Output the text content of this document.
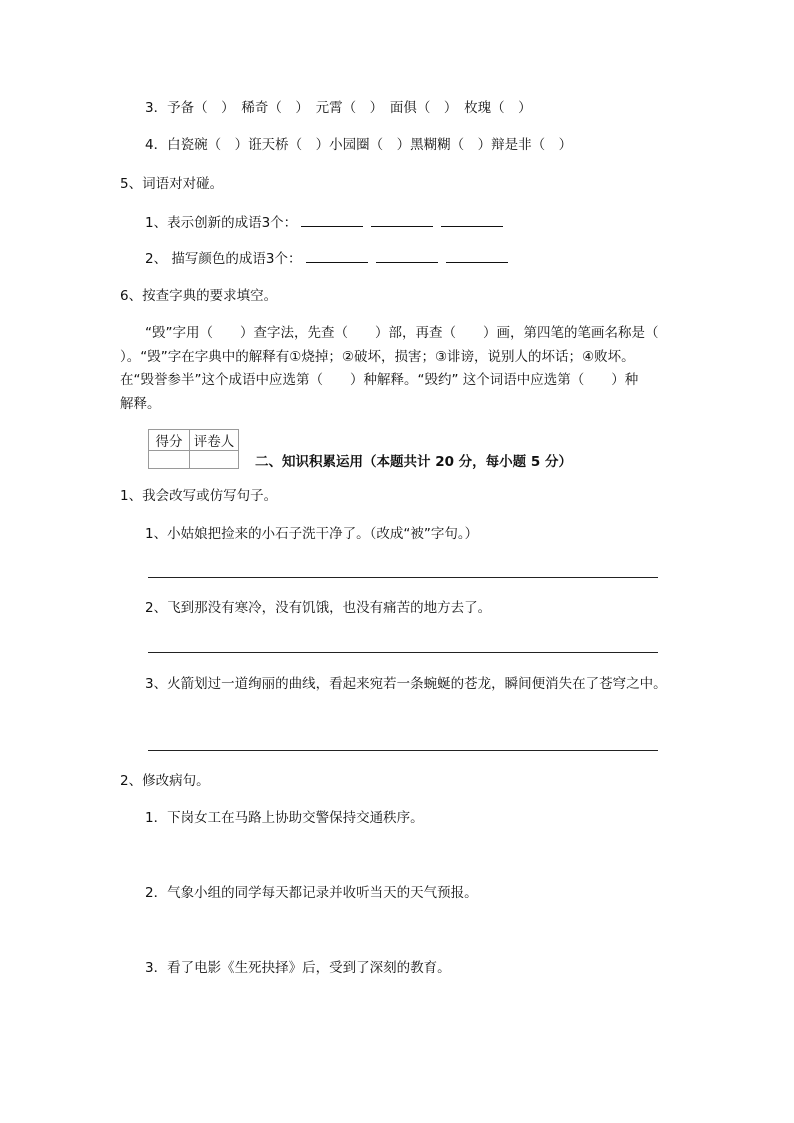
3．予备（　）　稀奇（　）　元霄（　）　面俱（　）　枚瑰（　）
4．白瓷碗（　）诳天桥（　）小园圈（　）黑糊糊（　）辩是非（　）
5、词语对对碰。
1、表示创新的成语3个：
2、 描写颜色的成语3个：
6、按查字典的要求填空。
“毁”字用（　　）查字法，先查（　　）部，再查（　　）画，第四笔的笔画名称是（
）。“毁”字在字典中的解释有①烧掉；②破坏，损害；③诽谤，说别人的坏话；④败坏。
在“毁誉参半”这个成语中应选第（　　）种解释。“毁约” 这个词语中应选第（　　）种
解释。
得分	评卷人

二、知识积累运用（本题共计 20 分，每小题 5 分）
1、我会改写或仿写句子。
1、小姑娘把捡来的小石子洗干净了。（改成“被”字句。）
2、飞到那没有寒冷，没有饥饿，也没有痛苦的地方去了。
3、火箭划过一道绚丽的曲线，看起来宛若一条蜿蜒的苍龙，瞬间便消失在了苍穹之中。
2、修改病句。
1．下岗女工在马路上协助交警保持交通秩序。
2．气象小组的同学每天都记录并收听当天的天气预报。
3．看了电影《生死抉择》后，受到了深刻的教育。
